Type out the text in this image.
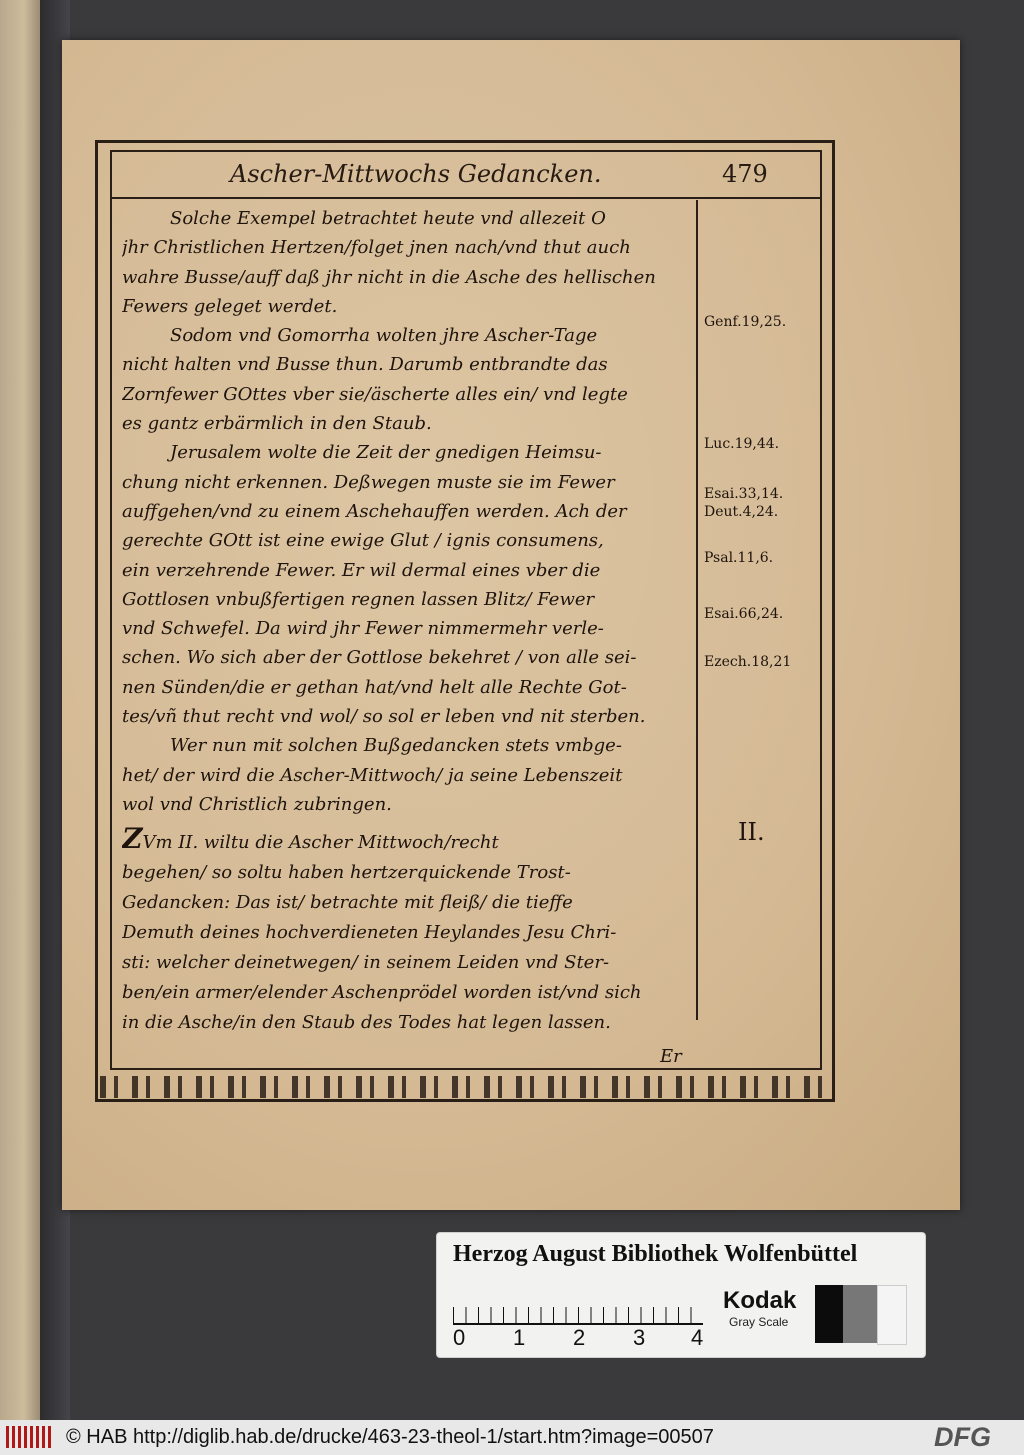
Ascher-Mittwochs Gedancken.	479
Solche Exempel betrachtet heute vnd allezeit O
jhr Christlichen Hertzen/folget jnen nach/vnd thut auch
wahre Busse/auff daß jhr nicht in die Asche des hellischen
Fewers geleget werdet.
Sodom vnd Gomorrha wolten jhre Ascher-Tage
nicht halten vnd Busse thun. Darumb entbrandte das
Zornfewer GOttes vber sie/äscherte alles ein/ vnd legte
es gantz erbärmlich in den Staub.
Jerusalem wolte die Zeit der gnedigen Heimsu-
chung nicht erkennen. Deßwegen muste sie im Fewer
auffgehen/vnd zu einem Aschehauffen werden. Ach der
gerechte GOtt ist eine ewige Glut / ignis consumens,
ein verzehrende Fewer. Er wil dermal eines vber die
Gottlosen vnbußfertigen regnen lassen Blitz/ Fewer
vnd Schwefel. Da wird jhr Fewer nimmermehr verle-
schen. Wo sich aber der Gottlose bekehret / von alle sei-
nen Sünden/die er gethan hat/vnd helt alle Rechte Got-
tes/vñ thut recht vnd wol/ so sol er leben vnd nit sterben.
Wer nun mit solchen Bußgedancken stets vmbge-
het/ der wird die Ascher-Mittwoch/ ja seine Lebenszeit
wol vnd Christlich zubringen.
ZVm II. wiltu die Ascher Mittwoch/recht
begehen/ so soltu haben hertzerquickende Trost-
Gedancken: Das ist/ betrachte mit fleiß/ die tieffe
Demuth deines hochverdieneten Heylandes Jesu Chri-
sti: welcher deinetwegen/ in seinem Leiden vnd Ster-
ben/ein armer/elender Aschenprödel worden ist/vnd sich
in die Asche/in den Staub des Todes hat legen lassen.
Er
II.
Genf.19,25.
Luc.19,44.
Esai.33,14.
Deut.4,24.
Psal.11,6.
Esai.66,24.
Ezech.18,21
Herzog August Bibliothek Wolfenbüttel
0 1 2 3 4
Kodak
Gray Scale
© HAB http://diglib.hab.de/drucke/463-23-theol-1/start.htm?image=00507	DFG
